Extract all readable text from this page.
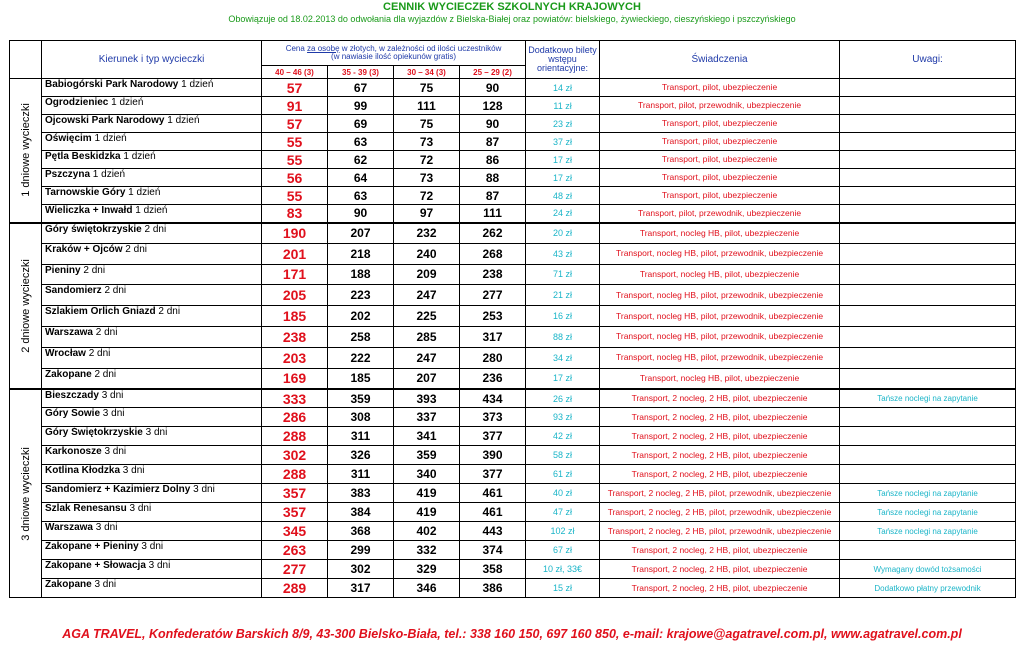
CENNIK WYCIECZEK SZKOLNYCH KRAJOWYCH
Obowiązuje od 18.02.2013 do odwołania dla wyjazdów z Bielska-Białej oraz powiatów: bielskiego, żywieckiego, cieszyńskiego i pszczyńskiego
	Kierunek i typ wycieczki	Cena za osobę w złotych, w zależności od ilości uczestników
(w nawiasie ilość opiekunów gratis)				Dodatkowo bilety wstępu orientacyjne:	Świadczenia	Uwagi:
		40 – 46 (3)	35 - 39 (3)	30 – 34 (3)	25 – 29 (2)			

1 dniowe wycieczki	Babiogórski Park Narodowy 1 dzień	57	67	75	90	14 zł	Transport, pilot, ubezpieczenie	
	Ogrodzieniec 1 dzień	91	99	111	128	11 zł	Transport, pilot, przewodnik, ubezpieczenie	
	Ojcowski Park Narodowy 1 dzień	57	69	75	90	23 zł	Transport, pilot, ubezpieczenie	
	Oświęcim 1 dzień	55	63	73	87	37 zł	Transport, pilot, ubezpieczenie	
	Pętla Beskidzka 1 dzień	55	62	72	86	17 zł	Transport, pilot, ubezpieczenie	
	Pszczyna 1 dzień	56	64	73	88	17 zł	Transport, pilot, ubezpieczenie	
	Tarnowskie Góry 1 dzień	55	63	72	87	48 zł	Transport, pilot, ubezpieczenie	
	Wieliczka + Inwałd 1 dzień	83	90	97	111	24 zł	Transport, pilot, przewodnik, ubezpieczenie	

2 dniowe wycieczki	Góry świętokrzyskie 2 dni	190	207	232	262	20 zł	Transport, nocleg HB, pilot, ubezpieczenie	
	Kraków + Ojców 2 dni	201	218	240	268	43 zł	Transport, nocleg HB, pilot, przewodnik, ubezpieczenie	
	Pieniny 2 dni	171	188	209	238	71 zł	Transport, nocleg HB, pilot, ubezpieczenie	
	Sandomierz 2 dni	205	223	247	277	21 zł	Transport, nocleg HB, pilot, przewodnik, ubezpieczenie	
	Szlakiem Orlich Gniazd 2 dni	185	202	225	253	16 zł	Transport, nocleg HB, pilot, przewodnik, ubezpieczenie	
	Warszawa 2 dni	238	258	285	317	88 zł	Transport, nocleg HB, pilot, przewodnik, ubezpieczenie	
	Wrocław 2 dni	203	222	247	280	34 zł	Transport, nocleg HB, pilot, przewodnik, ubezpieczenie	
	Zakopane 2 dni	169	185	207	236	17 zł	Transport, nocleg HB, pilot, ubezpieczenie	

3 dniowe wycieczki	Bieszczady 3 dni	333	359	393	434	26 zł	Transport, 2 nocleg, 2 HB, pilot, ubezpieczenie	Tańsze noclegi na zapytanie
	Góry Sowie 3 dni	286	308	337	373	93 zł	Transport, 2 nocleg, 2 HB, pilot, ubezpieczenie	
	Góry Świętokrzyskie 3 dni	288	311	341	377	42 zł	Transport, 2 nocleg, 2 HB, pilot, ubezpieczenie	
	Karkonosze 3 dni	302	326	359	390	58 zł	Transport, 2 nocleg, 2 HB, pilot, ubezpieczenie	
	Kotlina Kłodzka 3 dni	288	311	340	377	61 zł	Transport, 2 nocleg, 2 HB, pilot, ubezpieczenie	
	Sandomierz + Kazimierz Dolny 3 dni	357	383	419	461	40 zł	Transport, 2 nocleg, 2 HB, pilot, przewodnik, ubezpieczenie	Tańsze noclegi na zapytanie
	Szlak Renesansu 3 dni	357	384	419	461	47 zł	Transport, 2 nocleg, 2 HB, pilot, przewodnik, ubezpieczenie	Tańsze noclegi na zapytanie
	Warszawa 3 dni	345	368	402	443	102 zł	Transport, 2 nocleg, 2 HB, pilot, przewodnik, ubezpieczenie	Tańsze noclegi na zapytanie
	Zakopane + Pieniny 3 dni	263	299	332	374	67 zł	Transport, 2 nocleg, 2 HB, pilot, ubezpieczenie	
	Zakopane + Słowacja 3 dni	277	302	329	358	10 zł, 33€	Transport, 2 nocleg, 2 HB, pilot, ubezpieczenie	Wymagany dowód tożsamości
	Zakopane 3 dni	289	317	346	386	15 zł	Transport, 2 nocleg, 2 HB, pilot, ubezpieczenie	Dodatkowo płatny przewodnik
AGA TRAVEL, Konfederatów Barskich 8/9, 43-300 Bielsko-Biała, tel.: 338 160 150, 697 160 850, e-mail: krajowe@agatravel.com.pl, www.agatravel.com.pl
